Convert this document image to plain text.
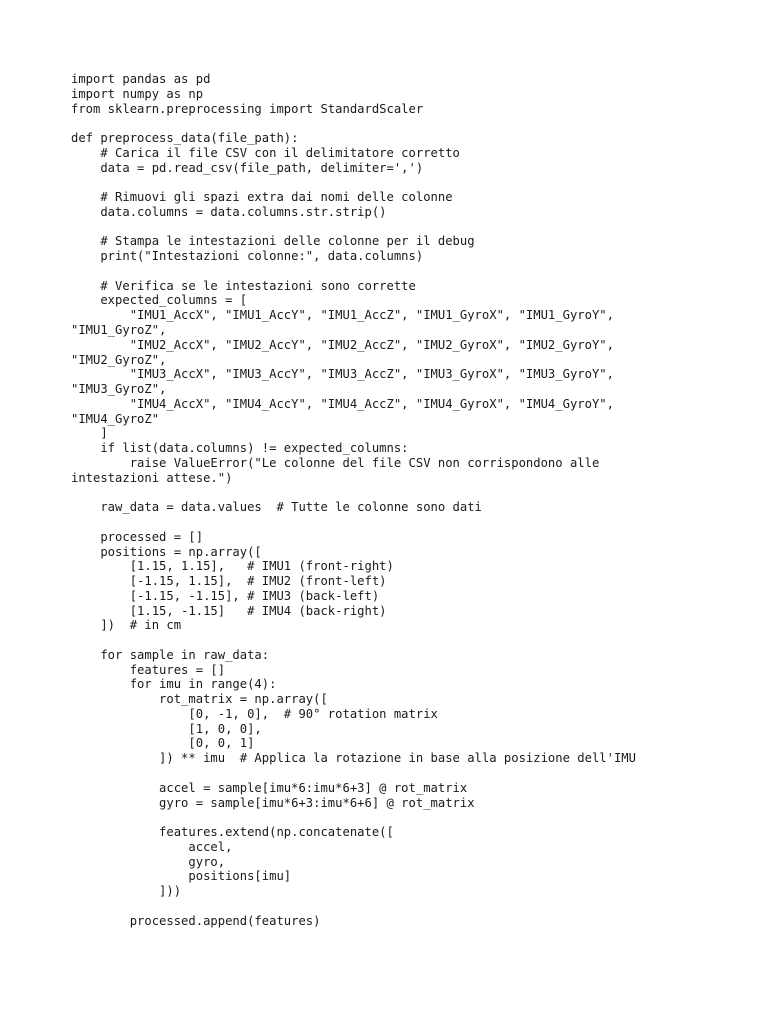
import pandas as pd
import numpy as np
from sklearn.preprocessing import StandardScaler
def preprocess_data(file_path):
# Carica il file CSV con il delimitatore corretto
data = pd.read_csv(file_path, delimiter=',')
# Rimuovi gli spazi extra dai nomi delle colonne
data.columns = data.columns.str.strip()
# Stampa le intestazioni delle colonne per il debug
print("Intestazioni colonne:", data.columns)
# Verifica se le intestazioni sono corrette
expected_columns = [
"IMU1_AccX", "IMU1_AccY", "IMU1_AccZ", "IMU1_GyroX", "IMU1_GyroY",
"IMU1_GyroZ",
"IMU2_AccX", "IMU2_AccY", "IMU2_AccZ", "IMU2_GyroX", "IMU2_GyroY",
"IMU2_GyroZ",
"IMU3_AccX", "IMU3_AccY", "IMU3_AccZ", "IMU3_GyroX", "IMU3_GyroY",
"IMU3_GyroZ",
"IMU4_AccX", "IMU4_AccY", "IMU4_AccZ", "IMU4_GyroX", "IMU4_GyroY",
"IMU4_GyroZ"
]
if list(data.columns) != expected_columns:
raise ValueError("Le colonne del file CSV non corrispondono alle
intestazioni attese.")
raw_data = data.values  # Tutte le colonne sono dati
processed = []
positions = np.array([
[1.15, 1.15],   # IMU1 (front-right)
[-1.15, 1.15],  # IMU2 (front-left)
[-1.15, -1.15], # IMU3 (back-left)
[1.15, -1.15]   # IMU4 (back-right)
])  # in cm
for sample in raw_data:
features = []
for imu in range(4):
rot_matrix = np.array([
[0, -1, 0],  # 90° rotation matrix
[1, 0, 0],
[0, 0, 1]
]) ** imu  # Applica la rotazione in base alla posizione dell'IMU
accel = sample[imu*6:imu*6+3] @ rot_matrix
gyro = sample[imu*6+3:imu*6+6] @ rot_matrix
features.extend(np.concatenate([
accel,
gyro,
positions[imu]
]))
processed.append(features)
